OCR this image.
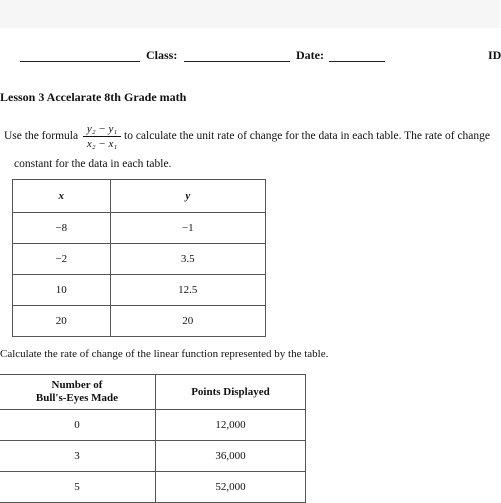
Class:	Date:	ID
Lesson 3 Accelarate 8th Grade math
Use the formula
y₂ − y₁
x₂ − x₁
to calculate the unit rate of change for the data in each table. The rate of change
constant for the data in each table.
x	y
−8	−1
−2	3.5
10	12.5
20	20
Calculate the rate of change of the linear function represented by the table.
Number of
Bull's-Eyes Made	Points Displayed
0	12,000
3	36,000
5	52,000
